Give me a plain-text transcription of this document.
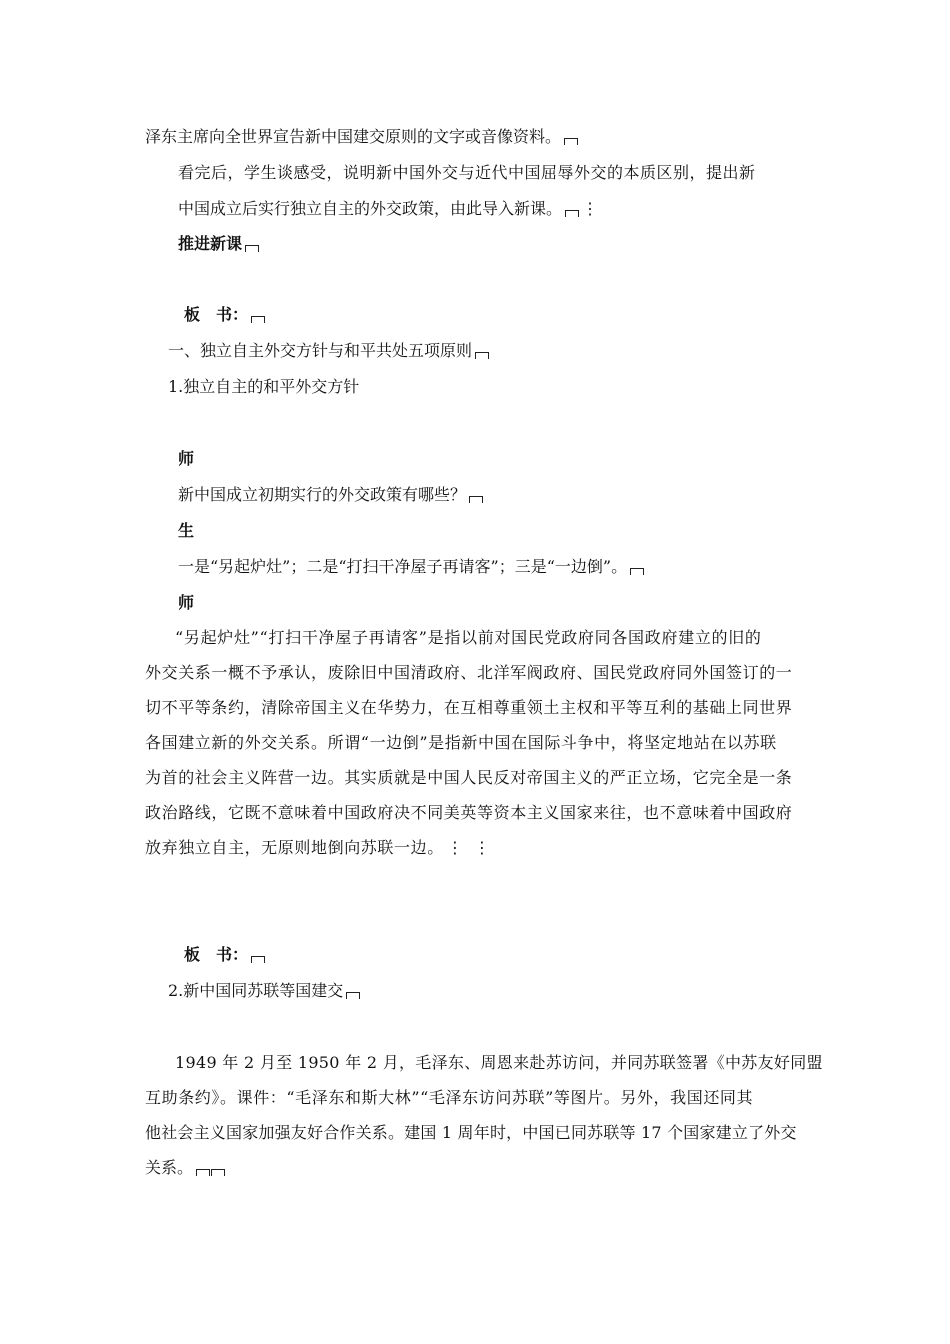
泽东主席向全世界宣告新中国建交原则的文字或音像资料。
看完后，学生谈感受，说明新中国外交与近代中国屈辱外交的本质区别，提出新
中国成立后实行独立自主的外交政策，由此导入新课。 ⋮
推进新课
板　书：
一、独立自主外交方针与和平共处五项原则
1.独立自主的和平外交方针
师
新中国成立初期实行的外交政策有哪些？
生
一是“另起炉灶”；二是“打扫干净屋子再请客”；三是“一边倒”。
师
“另起炉灶”“打扫干净屋子再请客”是指以前对国民党政府同各国政府建立的旧的
外交关系一概不予承认，废除旧中国清政府、北洋军阀政府、国民党政府同外国签订的一
切不平等条约，清除帝国主义在华势力，在互相尊重领土主权和平等互利的基础上同世界
各国建立新的外交关系。所谓“一边倒”是指新中国在国际斗争中，将坚定地站在以苏联
为首的社会主义阵营一边。其实质就是中国人民反对帝国主义的严正立场，它完全是一条
政治路线，它既不意味着中国政府决不同美英等资本主义国家来往，也不意味着中国政府
放弃独立自主，无原则地倒向苏联一边。 ⋮ ⋮
板　书：
2.新中国同苏联等国建交
1949 年 2 月至 1950 年 2 月，毛泽东、周恩来赴苏访问，并同苏联签署《中苏友好同盟
互助条约》。课件：“毛泽东和斯大林”“毛泽东访问苏联”等图片。另外，我国还同其
他社会主义国家加强友好合作关系。建国 1 周年时，中国已同苏联等 17 个国家建立了外交
关系。
